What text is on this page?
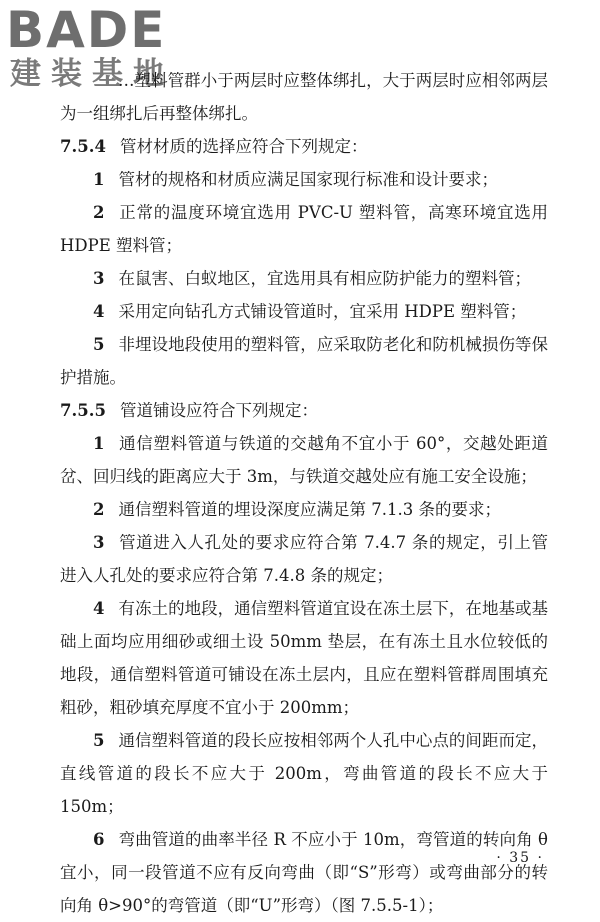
BADE
建装基地

…塑料管群小于两层时应整体绑扎，大于两层时应相邻两层为一组绑扎后再整体绑扎。

7.5.4 管材材质的选择应符合下列规定：

1 管材的规格和材质应满足国家现行标准和设计要求；

2 正常的温度环境宜选用 PVC-U 塑料管，高寒环境宜选用 HDPE 塑料管；

3 在鼠害、白蚁地区，宜选用具有相应防护能力的塑料管；

4 采用定向钻孔方式铺设管道时，宜采用 HDPE 塑料管；

5 非埋设地段使用的塑料管，应采取防老化和防机械损伤等保护措施。

7.5.5 管道铺设应符合下列规定：

1 通信塑料管道与铁道的交越角不宜小于 60°，交越处距道岔、回归线的距离应大于 3m，与铁道交越处应有施工安全设施；

2 通信塑料管道的埋设深度应满足第 7.1.3 条的要求；

3 管道进入人孔处的要求应符合第 7.4.7 条的规定，引上管进入人孔处的要求应符合第 7.4.8 条的规定；

4 有冻土的地段，通信塑料管道宜设在冻土层下，在地基或基础上面均应用细砂或细土设 50mm 垫层，在有冻土且水位较低的地段，通信塑料管道可铺设在冻土层内，且应在塑料管群周围填充粗砂，粗砂填充厚度不宜小于 200mm；

5 通信塑料管道的段长应按相邻两个人孔中心点的间距而定，直线管道的段长不应大于 200m，弯曲管道的段长不应大于 150m；

6 弯曲管道的曲率半径 R 不应小于 10m，弯管道的转向角 θ 宜小，同一段管道不应有反向弯曲（即“S”形弯）或弯曲部分的转向角 θ>90°的弯管道（即“U”形弯）（图 7.5.5-1）；

· 35 ·
